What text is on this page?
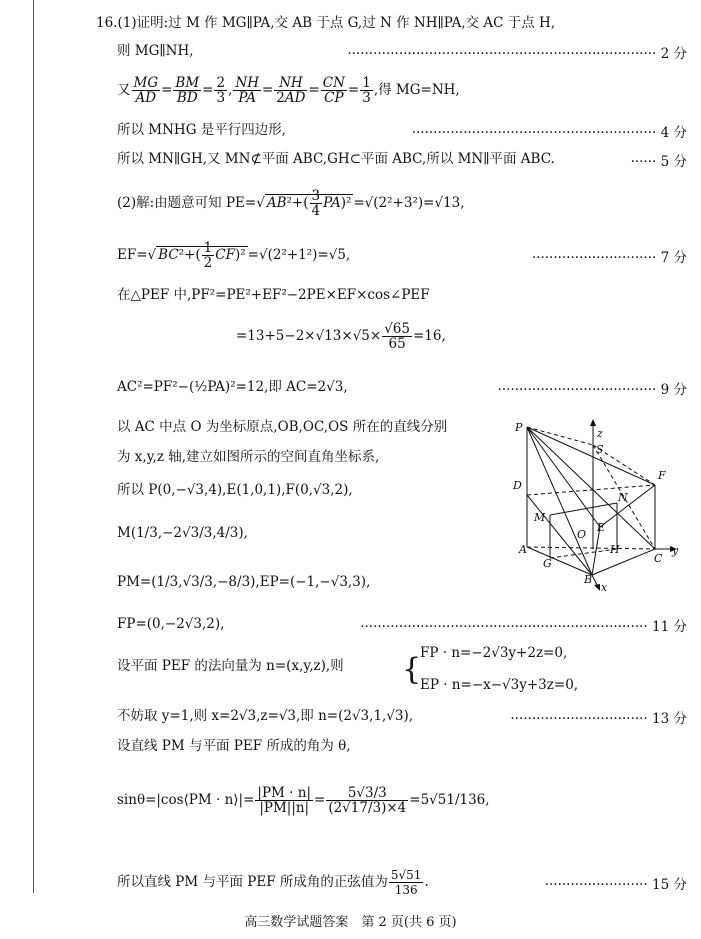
16.(1)证明:过 M 作 MG∥PA,交 AB 于点 G,过 N 作 NH∥PA,交 AC 于点 H,
则 MG∥NH,	········································································ 2 分
又 $\frac{MG}{AD} = \frac{BM}{BD} = \frac{2}{3}$ , $\frac{NH}{PA} = \frac{NH}{2AD} = \frac{CN}{CP} = \frac{1}{3}$ ,得 MG=NH,
所以 MNHG 是平行四边形,	························································· 4 分
所以 MN∥GH,又 MN⊄平面 ABC,GH⊂平面 ABC,所以 MN∥平面 ABC.	······ 5 分
(2)解:由题意可知 PE=√ $AB^2+( \frac{3}{4} PA)^2 =√(2^2+3^2)=√13$,
EF=√ $BC^2+( \frac{1}{2} CF)^2 =√(2^2+1^2)=√5$,	····························· 7 分
在△PEF 中,PF²=PE²+EF²−2PE×EF×cos∠PEF
$=13+5-2\times√13\times√5\times \frac{√65}{65} =16$,
AC²=PF²−(½PA)²=12,即 AC=2√3,	····································· 9 分
以 AC 中点 O 为坐标原点,OB,OC,OS 所在的直线分别
为 x,y,z 轴,建立如图所示的空间直角坐标系,
所以 P(0,−√3,4),E(1,0,1),F(0,√3,2),
M(1/3,−2√3/3,4/3),
PM=(1/3,√3/3,−8/3),EP=(−1,−√3,3),
FP=(0,−2√3,2),	··································································· 11 分
设平面 PEF 的法向量为 n=(x,y,z),则 {
FP · n=−2√3y+2z=0,
EP · n=−x−√3y+3z=0,
不妨取 y=1,则 x=2√3,z=√3,即 n=(2√3,1,√3),	································ 13 分
设直线 PM 与平面 PEF 所成的角为 θ,
sinθ=|cos⟨PM · n⟩|= $\frac{|PM \cdot n|}{|PM||n|} = \frac{5√3/3}{(2√17/3)\times 4} =5√51/136$,
所以直线 PM 与平面 PEF 所成角的正弦值为 $\frac{5√51}{136}$ .	························ 15 分
P
S
z
D
F
M
N
O
E
A
G
H
C
y
B
x
高三数学试题答案　第 2 页(共 6 页)
